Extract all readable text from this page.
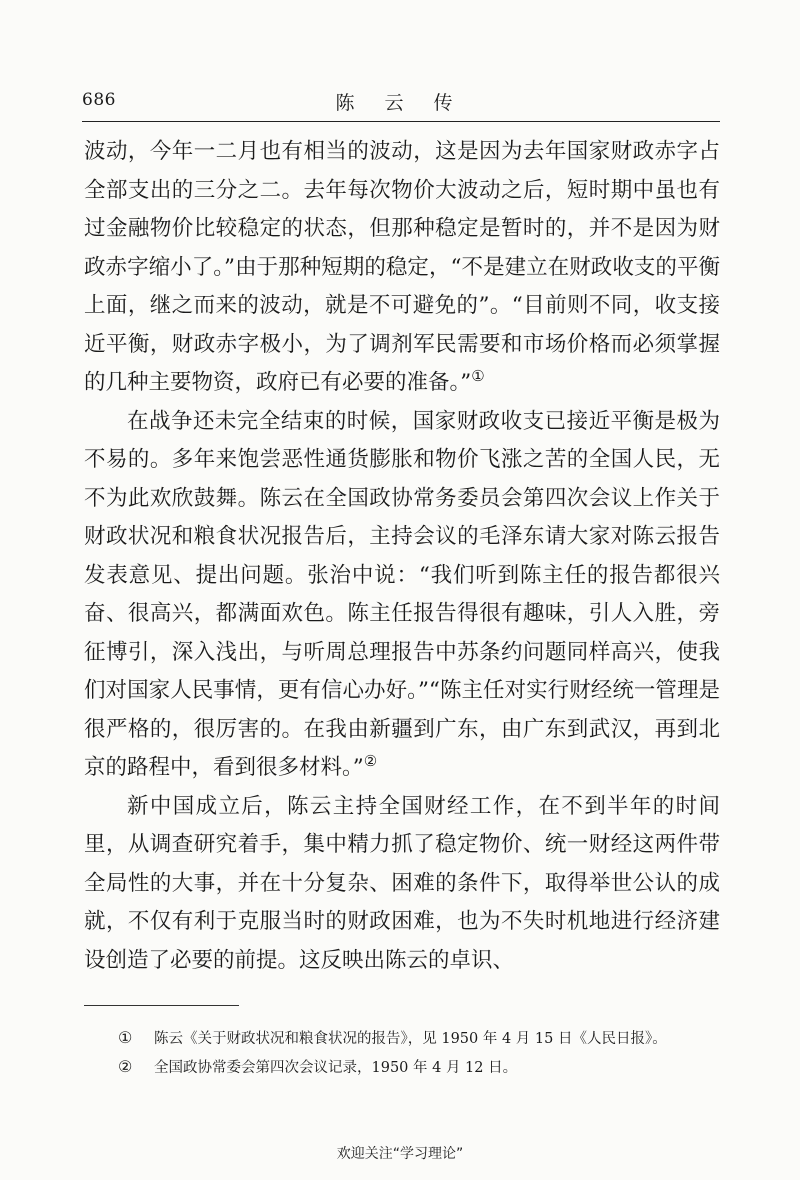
686	陈 云 传

波动，今年一二月也有相当的波动，这是因为去年国家财政赤字占全部支出的三分之二。去年每次物价大波动之后，短时期中虽也有过金融物价比较稳定的状态，但那种稳定是暂时的，并不是因为财政赤字缩小了。”由于那种短期的稳定，“不是建立在财政收支的平衡上面，继之而来的波动，就是不可避免的”。“目前则不同，收支接近平衡，财政赤字极小，为了调剂军民需要和市场价格而必须掌握的几种主要物资，政府已有必要的准备。”①

在战争还未完全结束的时候，国家财政收支已接近平衡是极为不易的。多年来饱尝恶性通货膨胀和物价飞涨之苦的全国人民，无不为此欢欣鼓舞。陈云在全国政协常务委员会第四次会议上作关于财政状况和粮食状况报告后，主持会议的毛泽东请大家对陈云报告发表意见、提出问题。张治中说：“我们听到陈主任的报告都很兴奋、很高兴，都满面欢色。陈主任报告得很有趣味，引人入胜，旁征博引，深入浅出，与听周总理报告中苏条约问题同样高兴，使我们对国家人民事情，更有信心办好。”“陈主任对实行财经统一管理是很严格的，很厉害的。在我由新疆到广东，由广东到武汉，再到北京的路程中，看到很多材料。”②

新中国成立后，陈云主持全国财经工作，在不到半年的时间里，从调查研究着手，集中精力抓了稳定物价、统一财经这两件带全局性的大事，并在十分复杂、困难的条件下，取得举世公认的成就，不仅有利于克服当时的财政困难，也为不失时机地进行经济建设创造了必要的前提。这反映出陈云的卓识、

①	陈云《关于财政状况和粮食状况的报告》，见 1950 年 4 月 15 日《人民日报》。
②	全国政协常委会第四次会议记录，1950 年 4 月 12 日。
欢迎关注“学习理论”
